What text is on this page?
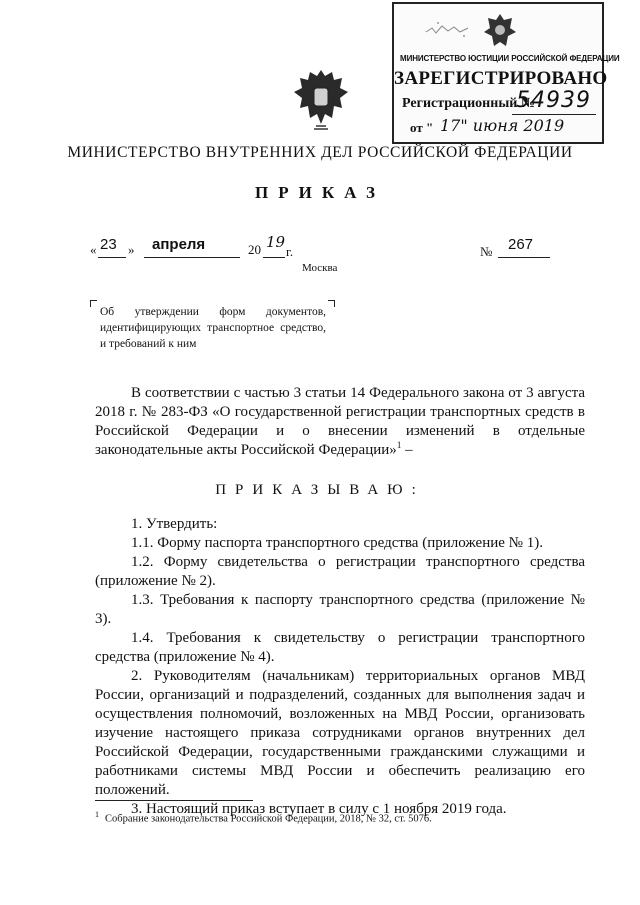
МИНИСТЕРСТВО ЮСТИЦИИ РОССИЙСКОЙ ФЕДЕРАЦИИ
ЗАРЕГИСТРИРОВАНО
Регистрационный №
54939
от " 17" июня 2019
МИНИСТЕРСТВО ВНУТРЕННИХ ДЕЛ РОССИЙСКОЙ ФЕДЕРАЦИИ
ПРИКАЗ
« 23 » апреля	20 19
г.	№ 267
Москва
Об утверждении форм документов, идентифицирующих транспортное средство, и требований к ним
В соответствии с частью 3 статьи 14 Федерального закона от 3 августа 2018 г. № 283-ФЗ «О государственной регистрации транспортных средств в Российской Федерации и о внесении изменений в отдельные законодательные акты Российской Федерации»$^1$ –
ПРИКАЗЫВАЮ:

1. Утвердить:

1.1. Форму паспорта транспортного средства (приложение № 1).

1.2. Форму свидетельства о регистрации транспортного средства (приложение № 2).

1.3. Требования к паспорту транспортного средства (приложение № 3).

1.4. Требования к свидетельству о регистрации транспортного средства (приложение № 4).

2. Руководителям (начальникам) территориальных органов МВД России, организаций и подразделений, созданных для выполнения задач и осуществления полномочий, возложенных на МВД России, организовать изучение настоящего приказа сотрудниками органов внутренних дел Российской Федерации, государственными гражданскими служащими и работниками системы МВД России и обеспечить реализацию его положений.

3. Настоящий приказ вступает в силу с 1 ноября 2019 года.

$^1$ Собрание законодательства Российской Федерации, 2018, № 32, ст. 5076.
